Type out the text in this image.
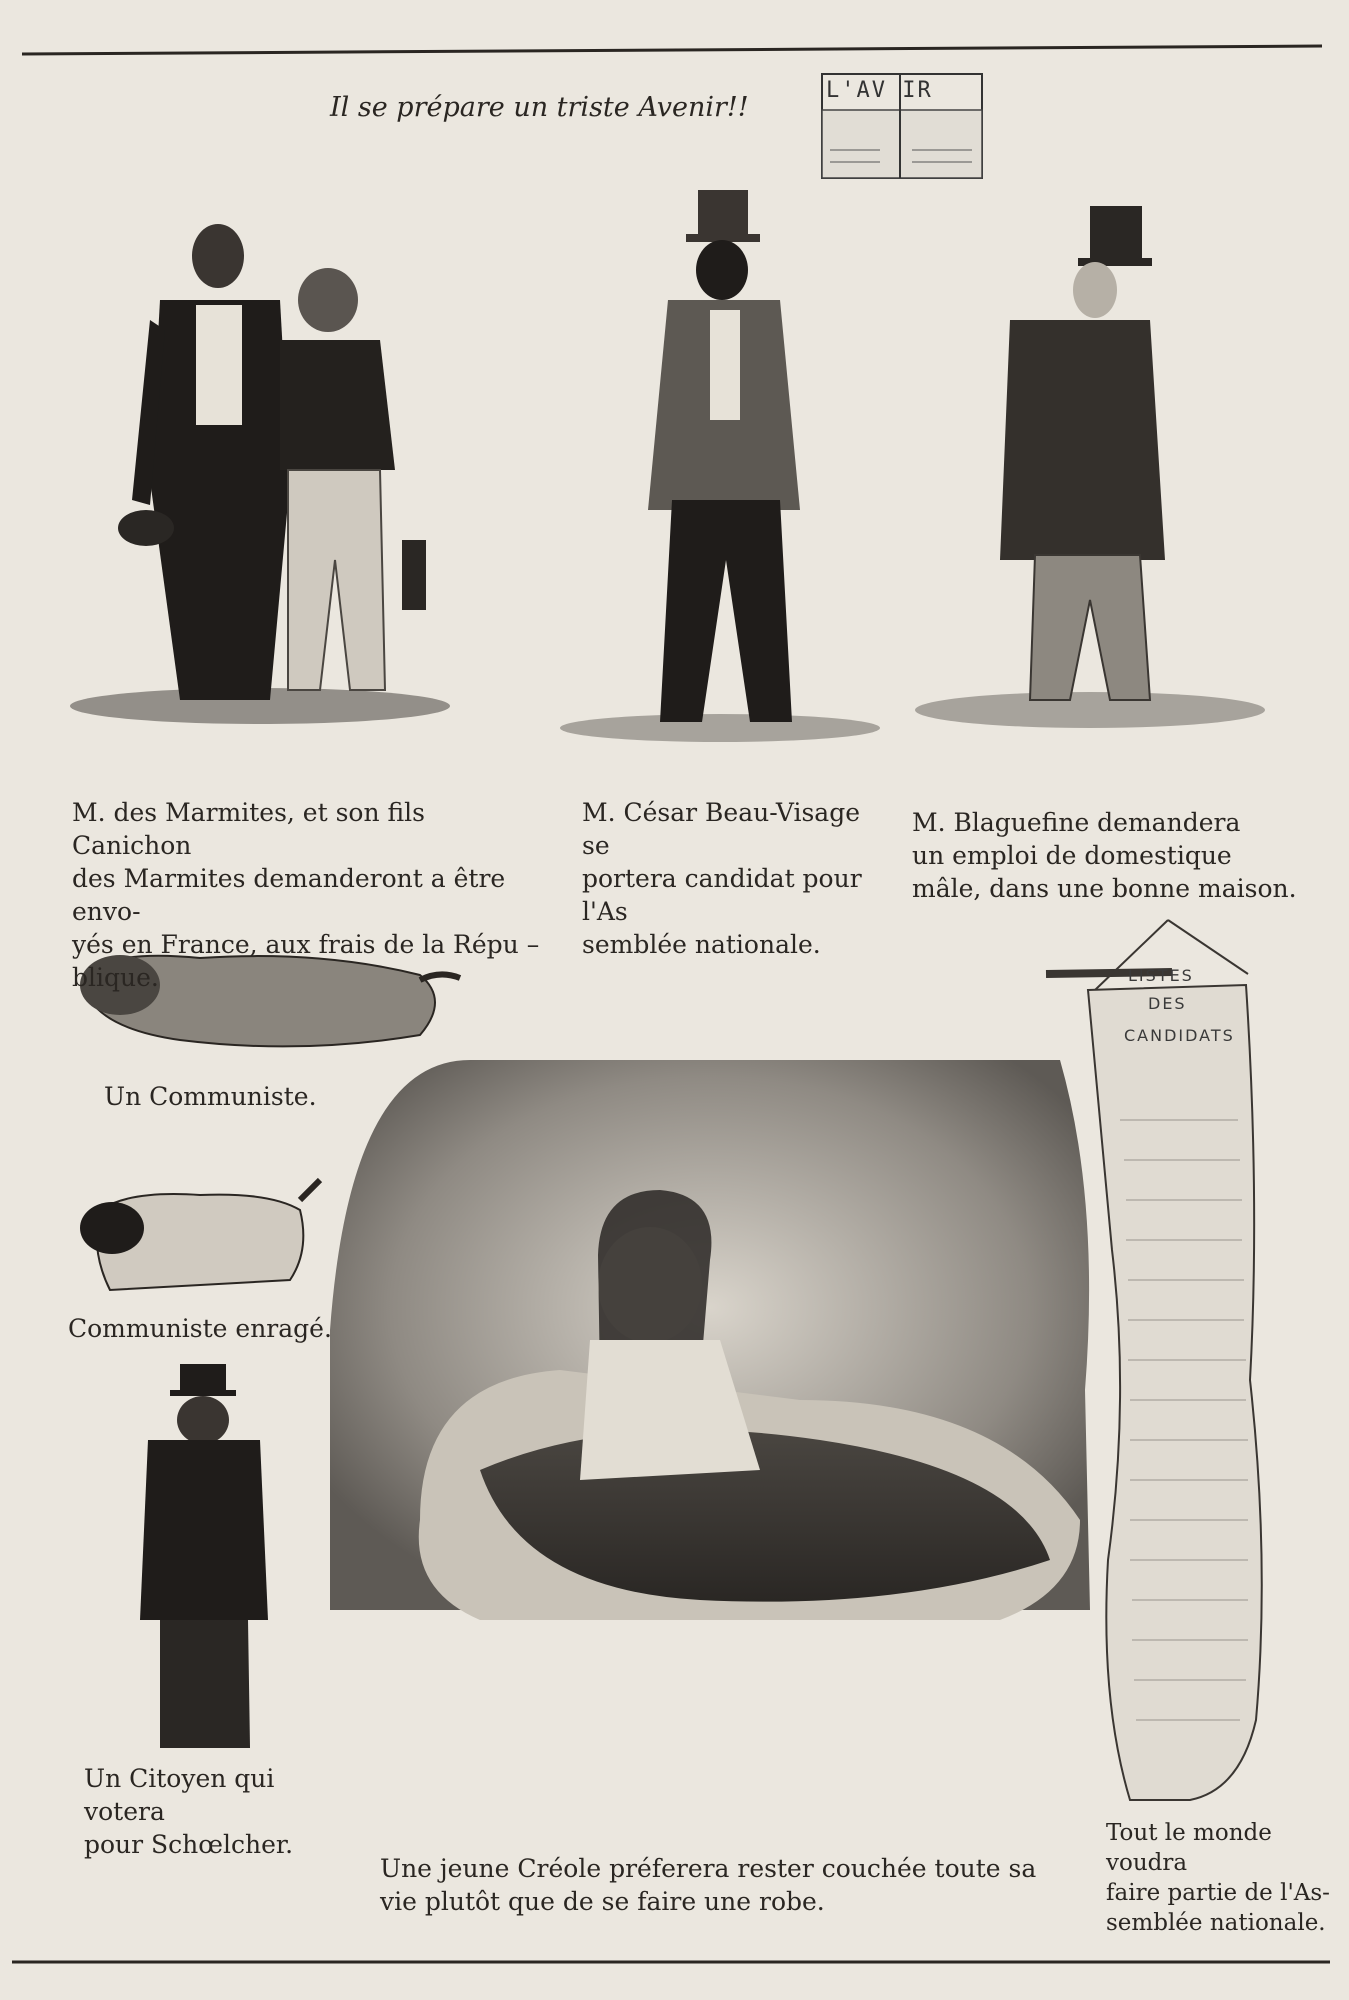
Il se prépare un triste Avenir!!
L'AV IR
M. des Marmites, et son fils Canichon
des Marmites demanderont a être envo-
yés en France, aux frais de la Répu –
blique.
M. César Beau-Visage se
portera candidat pour l'As
semblée nationale.
M. Blaguefine demandera
un emploi de domestique
mâle, dans une bonne maison.
Un Communiste.
Communiste enragé.
Un Citoyen qui votera
pour Schœlcher.
Une jeune Créole préferera rester couchée toute sa
vie plutôt que de se faire une robe.
LISTES
DES
CANDIDATS
Tout le monde voudra
faire partie de l'As-
semblée nationale.
